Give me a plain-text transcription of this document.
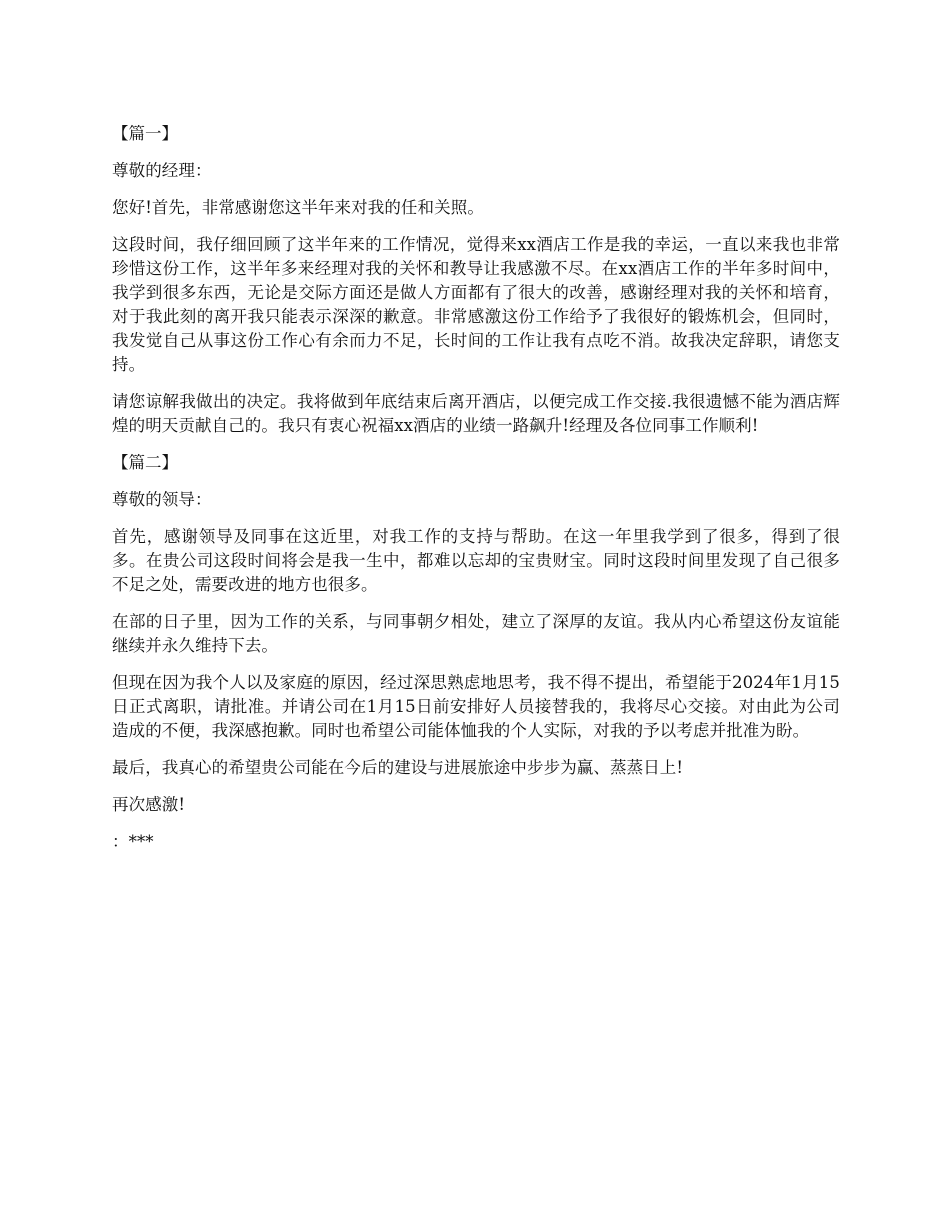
【篇一】

尊敬的经理：

您好!首先，非常感谢您这半年来对我的任和关照。

这段时间，我仔细回顾了这半年来的工作情况，觉得来xx酒店工作是我的幸运，一直以来我也非常珍惜这份工作，这半年多来经理对我的关怀和教导让我感激不尽。在xx酒店工作的半年多时间中，我学到很多东西，无论是交际方面还是做人方面都有了很大的改善，感谢经理对我的关怀和培育，对于我此刻的离开我只能表示深深的歉意。非常感激这份工作给予了我很好的锻炼机会，但同时，我发觉自己从事这份工作心有余而力不足，长时间的工作让我有点吃不消。故我决定辞职，请您支持。

请您谅解我做出的决定。我将做到年底结束后离开酒店，以便完成工作交接.我很遗憾不能为酒店辉煌的明天贡献自己的。我只有衷心祝福xx酒店的业绩一路飙升!经理及各位同事工作顺利!

【篇二】

尊敬的领导：

首先，感谢领导及同事在这近里，对我工作的支持与帮助。在这一年里我学到了很多，得到了很多。在贵公司这段时间将会是我一生中，都难以忘却的宝贵财宝。同时这段时间里发现了自己很多不足之处，需要改进的地方也很多。

在部的日子里，因为工作的关系，与同事朝夕相处，建立了深厚的友谊。我从内心希望这份友谊能继续并永久维持下去。

但现在因为我个人以及家庭的原因，经过深思熟虑地思考，我不得不提出，希望能于2024年1月15日正式离职，请批准。并请公司在1月15日前安排好人员接替我的，我将尽心交接。对由此为公司造成的不便，我深感抱歉。同时也希望公司能体恤我的个人实际，对我的予以考虑并批准为盼。

最后，我真心的希望贵公司能在今后的建设与进展旅途中步步为赢、蒸蒸日上!

再次感激!

：***
